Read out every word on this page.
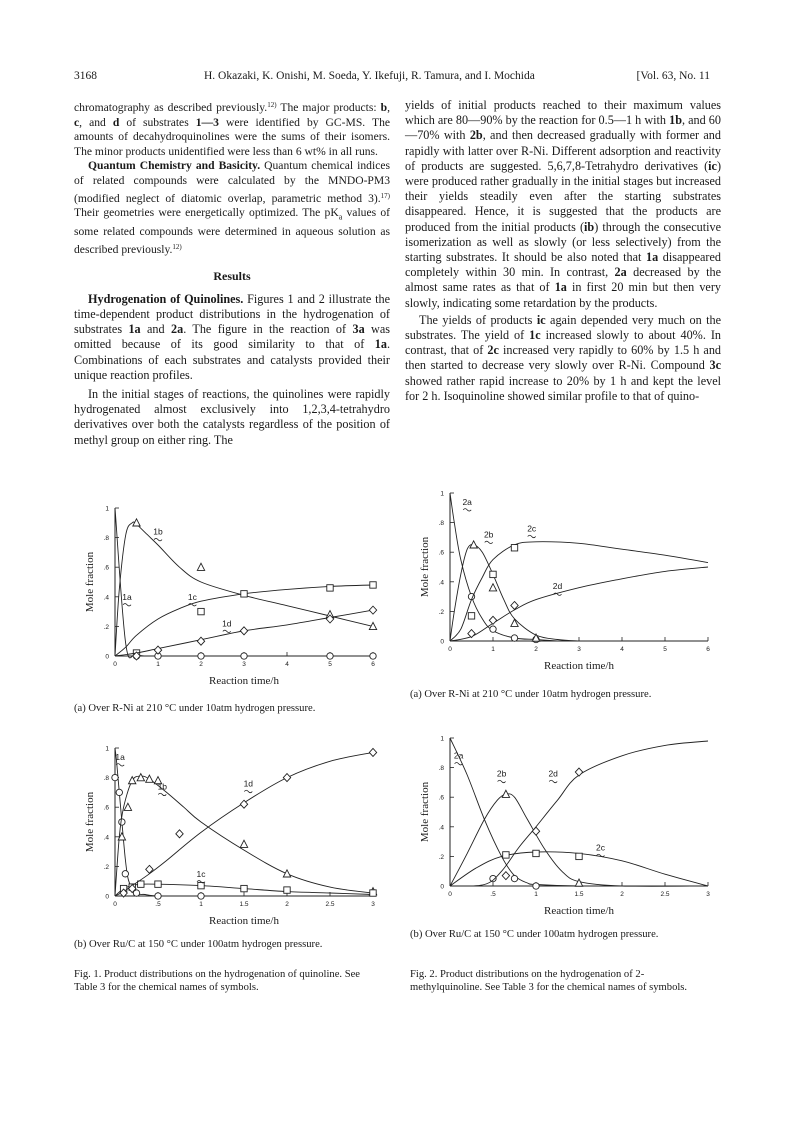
3168	H. Okazaki, K. Onishi, M. Soeda, Y. Ikefuji, R. Tamura, and I. Mochida	[Vol. 63, No. 11

chromatography as described previously.$^{12)}$ The major products: b, c, and d of substrates 1—3 were identified by GC-MS. The amounts of decahydroquinolines were the sums of their isomers. The minor products unidentified were less than 6 wt% in all runs.

Quantum Chemistry and Basicity. Quantum chemical indices of related compounds were calculated by the MNDO-PM3 (modified neglect of diatomic overlap, parametric method 3).$^{17)}$ Their geometries were energetically optimized. The $pK_a$ values of some related compounds were determined in aqueous solution as described previously.$^{12)}$

Results

Hydrogenation of Quinolines. Figures 1 and 2 illustrate the time-dependent product distributions in the hydrogenation of substrates 1a and 2a. The figure in the reaction of 3a was omitted because of its good similarity to that of 1a. Combinations of each substrates and catalysts provided their unique reaction profiles.

In the initial stages of reactions, the quinolines were rapidly hydrogenated almost exclusively into 1,2,3,4-tetrahydro derivatives over both the catalysts regardless of the position of methyl group on either ring. The

yields of initial products reached to their maximum values which are 80—90% by the reaction for 0.5—1 h with 1b, and 60—70% with 2b, and then decreased gradually with former and rapidly with latter over R-Ni. Different adsorption and reactivity of products are suggested. 5,6,7,8-Tetrahydro derivatives (ic) were produced rather gradually in the initial stages but increased their yields steadily even after the starting substrates disappeared. Hence, it is suggested that the products are produced from the initial products (ib) through the consecutive isomerization as well as slowly (or less selectively) from the starting substrates. It should be also noted that 1a disappeared completely within 30 min. In contrast, 2a decreased by the almost same rates as that of 1a in first 20 min but then very slowly, indicating some retardation by the products.

The yields of products ic again depended very much on the substrates. The yield of 1c increased slowly to about 40%. In contrast, that of 2c increased very rapidly to 60% by 1.5 h and then started to decrease very slowly over R-Ni. Compound 3c showed rather rapid increase to 20% by 1 h and kept the level for 2 h. Isoquinoline showed similar profile to that of quino-

0
.2
.4
.6
.8
1
0	1	2	3	4	5	6
Mole fraction
Reaction time/h
1b
1a	1c
1d
0
.2
.4
.6
.8
1
0	.5	1	1.5	2	2.5	3
Mole fraction
Reaction time/h
1a
1b	1d
1c
0
.2
.4
.6
.8
1
0	1	2	3	4	5	6
Mole fraction
Reaction time/h
2a
2b
2c
2d
0
.2
.4
.6
.8
1
0	.5	1	1.5	2	2.5	3
Mole fraction
Reaction time/h
2a
2b	2d
2c
(a) Over R-Ni at 210 °C under 10atm hydrogen pressure.
(b) Over Ru/C at 150 °C under 100atm hydrogen pressure.
Fig. 1. Product distributions on the hydrogenation of quinoline. See Table 3 for the chemical names of symbols.
(a) Over R-Ni at 210 °C under 10atm hydrogen pressure.
(b) Over Ru/C at 150 °C under 100atm hydrogen pressure.
Fig. 2. Product distributions on the hydrogenation of 2-methylquinoline. See Table 3 for the chemical names of symbols.
